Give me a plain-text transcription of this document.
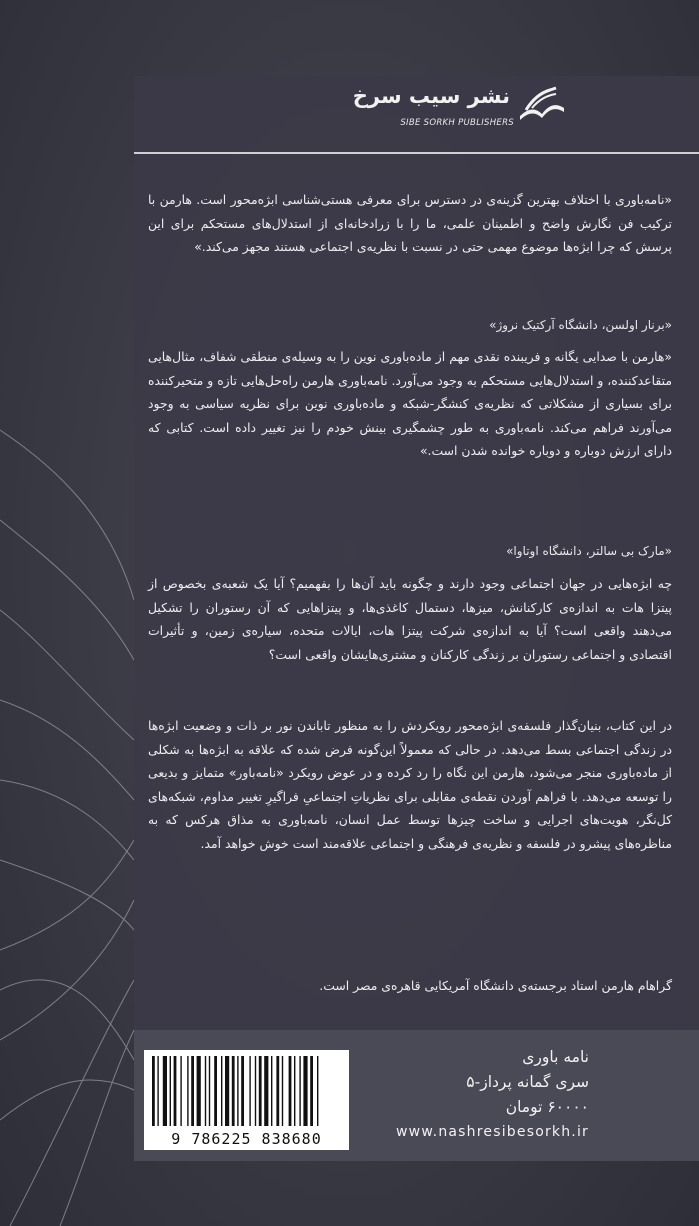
نشر سیب سرخ
SIBE SORKH PUBLISHERS
«نامه‌باوری با اختلاف بهترین گزینه‌ی در دسترس برای معرفی هستی‌شناسی ابژه‌محور است. هارمن با ترکیب فن نگارش واضح و اطمینان علمی، ما را با زرادخانه‌ای از استدلال‌های مستحکم برای این پرسش که چرا ابژه‌ها موضوع مهمی حتی در نسبت با نظریه‌ی اجتماعی هستند مجهز می‌کند.»
«برنار اولسن، دانشگاه آرکتیک نروژ»
«هارمن با صدایی یگانه و فریبنده نقدی مهم از ماده‌باوری نوین را به وسیله‌ی منطقی شفاف، مثال‌هایی متقاعدکننده، و استدلال‌هایی مستحکم به وجود می‌آورد. نامه‌باوری هارمن راه‌حل‌هایی تازه و متحیرکننده برای بسیاری از مشکلاتی که نظریه‌ی کنشگر-شبکه و ماده‌باوری نوین برای نظریه سیاسی به وجود می‌آورند فراهم می‌کند. نامه‌باوری به طور چشمگیری بینش خودم را نیز تغییر داده است. کتابی که دارای ارزش دوباره و دوباره خوانده شدن است.»
«مارک بی سالتر، دانشگاه اوتاوا»
چه ابژه‌هایی در جهان اجتماعی وجود دارند و چگونه باید آن‌ها را بفهمیم؟ آیا یک شعبه‌ی بخصوص از پیتزا هات به اندازه‌ی کارکنانش، میزها، دستمال کاغذی‌ها، و پیتزاهایی که آن رستوران را تشکیل می‌دهند واقعی است؟ آیا به اندازه‌ی شرکت پیتزا هات، ایالات متحده، سیاره‌ی زمین، و تأثیرات اقتصادی و اجتماعی رستوران بر زندگی کارکنان و مشتری‌هایشان واقعی است؟
در این کتاب، بنیان‌گذار فلسفه‌ی ابژه‌محور رویکردش را به منظور تاباندن نور بر ذات و وضعیت ابژه‌ها در زندگی اجتماعی بسط می‌دهد. در حالی که معمولاً این‌گونه فرض شده که علاقه به ابژه‌ها به شکلی از ماده‌باوری منجر می‌شود، هارمن این نگاه را رد کرده و در عوض رویکرد «نامه‌باور» متمایز و بدیعی را توسعه می‌دهد. با فراهم آوردن نقطه‌ی مقابلی برای نظریاتِ اجتماعیِ فراگیرِ تغییر مداوم، شبکه‌های کل‌نگر، هویت‌های اجرایی و ساخت چیزها توسط عمل انسان، نامه‌باوری به مذاق هرکس که به مناظره‌های پیشرو در فلسفه و نظریه‌ی فرهنگی و اجتماعی علاقه‌مند است خوش خواهد آمد.
گراهام هارمن استاد برجسته‌ی دانشگاه آمریکایی قاهره‌ی مصر است.
9 786225 838680
نامه باوری
سری گمانه پرداز-۵
۶۰۰۰۰ تومان
www.nashresibesorkh.ir
